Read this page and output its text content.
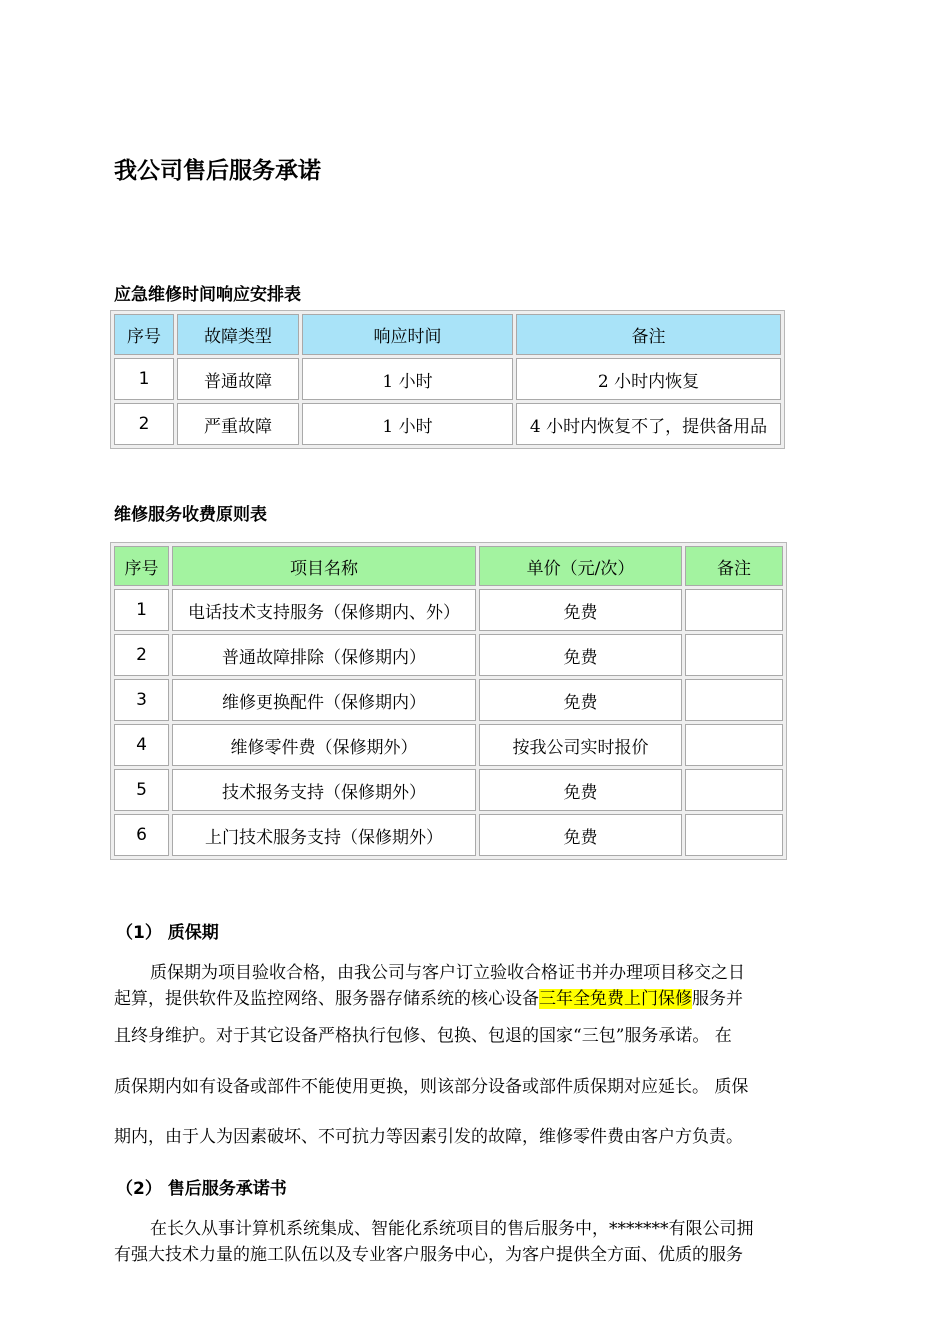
我公司售后服务承诺

应急维修时间响应安排表

序号	故障类型	响应时间	备注
1	普通故障	1 小时	2 小时内恢复
2	严重故障	1 小时	4 小时内恢复不了，提供备用品

维修服务收费原则表

序号	项目名称	单价（元/次）	备注
1	电话技术支持服务（保修期内、外）	免费	
2	普通故障排除（保修期内）	免费	
3	维修更换配件（保修期内）	免费	
4	维修零件费（保修期外）	按我公司实时报价	
5	技术报务支持（保修期外）	免费	
6	上门技术服务支持（保修期外）	免费	

（1） 质保期

质保期为项目验收合格，由我公司与客户订立验收合格证书并办理项目移交之日
起算，提供软件及监控网络、服务器存储系统的核心设备三年全免费上门保修服务并
且终身维护。对于其它设备严格执行包修、包换、包退的国家“三包”服务承诺。 在
质保期内如有设备或部件不能使用更换，则该部分设备或部件质保期对应延长。 质保
期内，由于人为因素破坏、不可抗力等因素引发的故障，维修零件费由客户方负责。

（2） 售后服务承诺书

在长久从事计算机系统集成、智能化系统项目的售后服务中，*******有限公司拥
有强大技术力量的施工队伍以及专业客户服务中心，为客户提供全方面、优质的服务
